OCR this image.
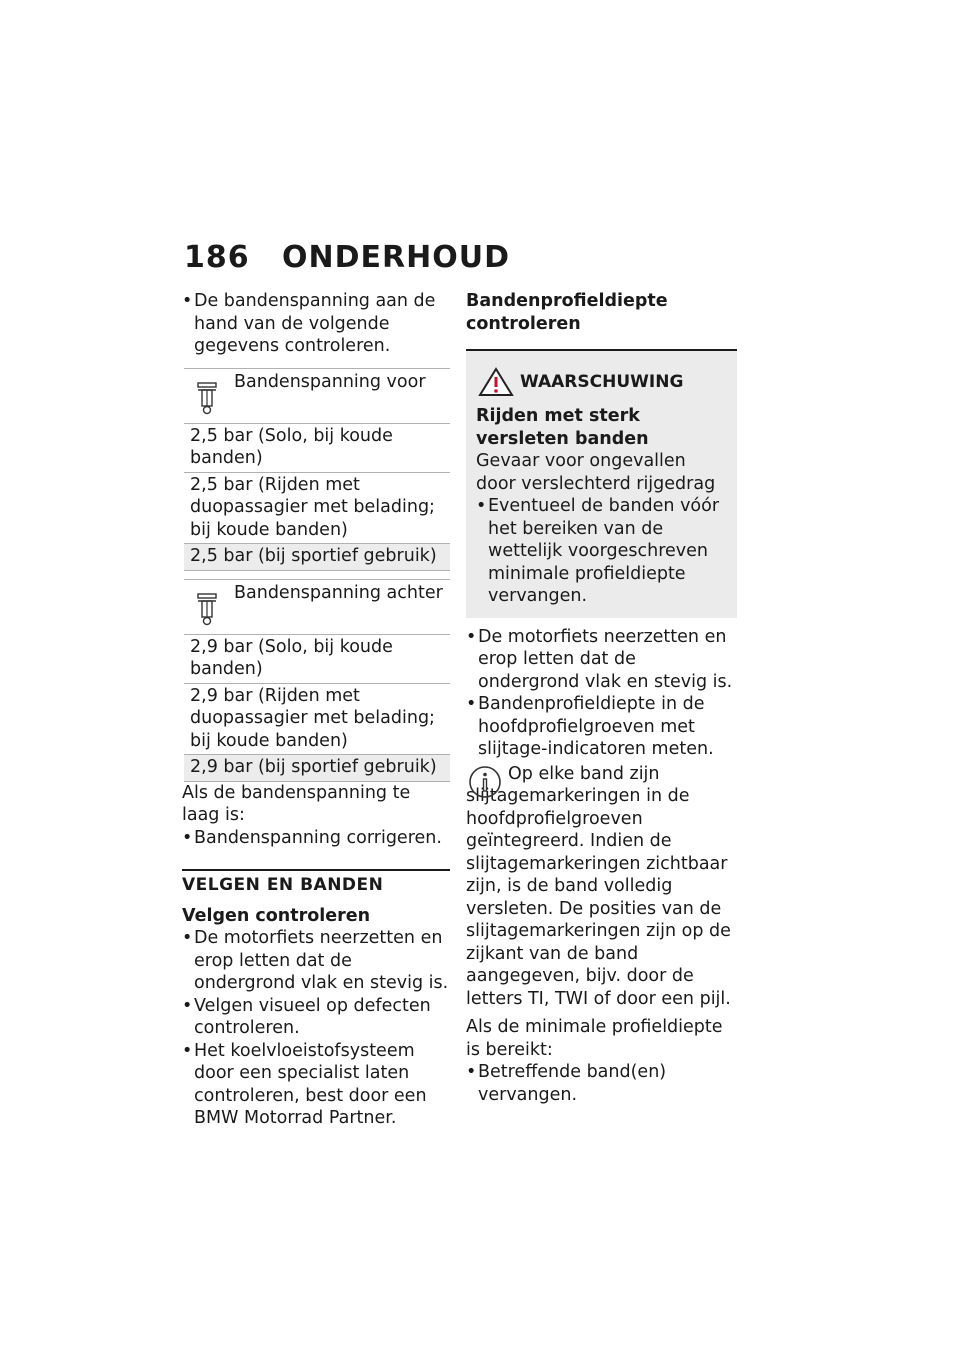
186 ONDERHOUD
• De bandenspanning aan de hand van de volgende gegevens controleren.
Bandenspanning voor
2,5 bar (Solo, bij koude banden)
2,5 bar (Rijden met duopassagier met belading; bij koude banden)
2,5 bar (bij sportief gebruik)
Bandenspanning achter
2,9 bar (Solo, bij koude banden)
2,9 bar (Rijden met duopassagier met belading; bij koude banden)
2,9 bar (bij sportief gebruik)

Als de bandenspanning te laag is:

• Bandenspanning corrigeren.
VELGEN EN BANDEN
Velgen controleren
• De motorfiets neerzetten en erop letten dat de ondergrond vlak en stevig is.
• Velgen visueel op defecten controleren.
• Het koelvloeistofsysteem door een specialist laten controleren, best door een BMW Motorrad Partner.
Bandenprofieldiepte controleren
WAARSCHUWING
Rijden met sterk versleten banden

Gevaar voor ongevallen door verslechterd rijgedrag

• Eventueel de banden vóór het bereiken van de wettelijk voorgeschreven minimale profieldiepte vervangen.
• De motorfiets neerzetten en erop letten dat de ondergrond vlak en stevig is.
• Bandenprofieldiepte in de hoofdprofielgroeven met slijtage-indicatoren meten.

Op elke band zijn slijtagemarkeringen in de hoofdprofielgroeven geïntegreerd. Indien de slijtagemarkeringen zichtbaar zijn, is de band volledig versleten. De posities van de slijtagemarkeringen zijn op de zijkant van de band aangegeven, bijv. door de letters TI, TWI of door een pijl.

Als de minimale profieldiepte is bereikt:

• Betreffende band(en) vervangen.
